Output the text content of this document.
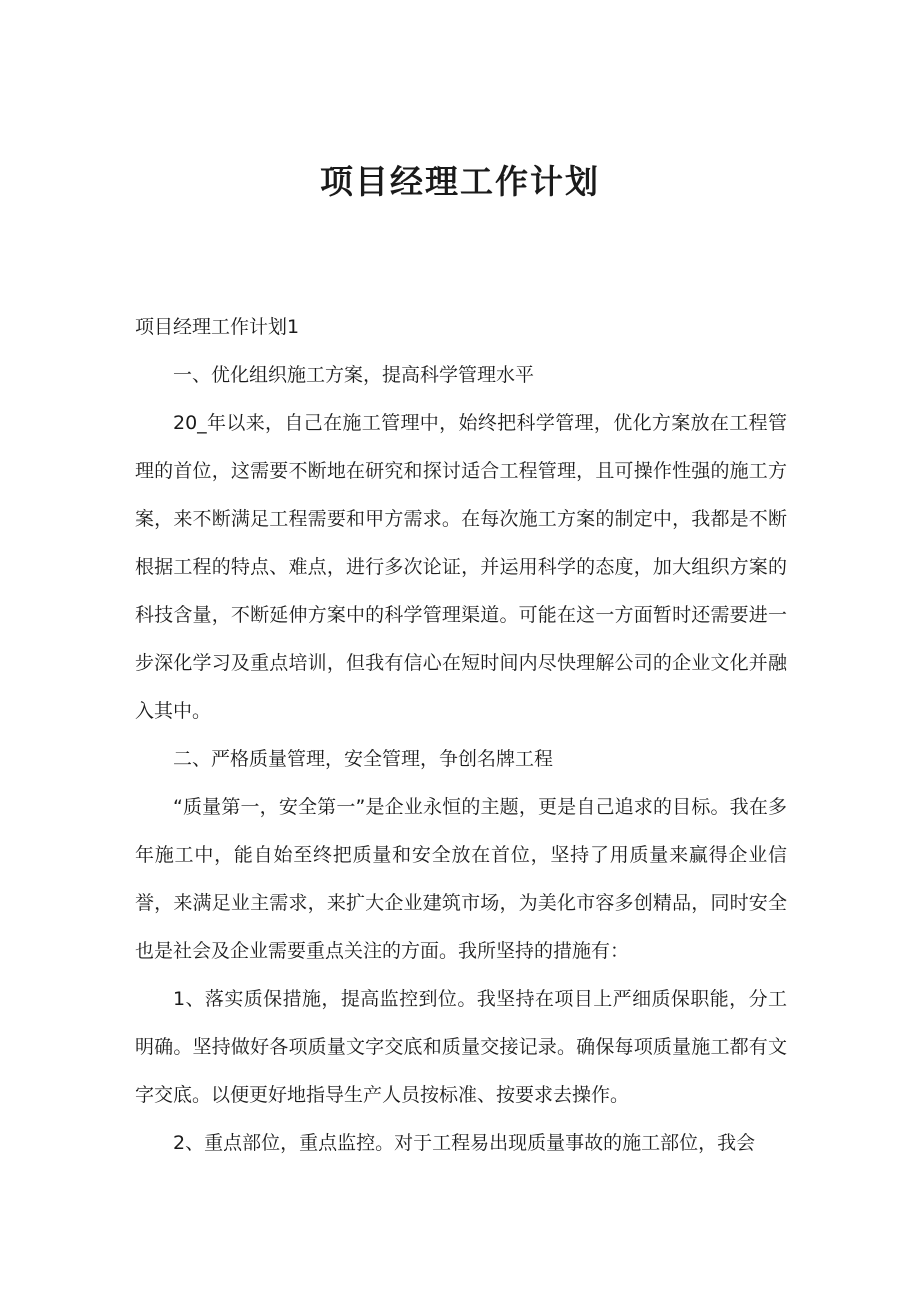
项目经理工作计划

项目经理工作计划1

一、优化组织施工方案，提高科学管理水平

20_年以来，自己在施工管理中，始终把科学管理，优化方案放在工程管理的首位，这需要不断地在研究和探讨适合工程管理，且可操作性强的施工方案，来不断满足工程需要和甲方需求。在每次施工方案的制定中，我都是不断根据工程的特点、难点，进行多次论证，并运用科学的态度，加大组织方案的科技含量，不断延伸方案中的科学管理渠道。可能在这一方面暂时还需要进一步深化学习及重点培训，但我有信心在短时间内尽快理解公司的企业文化并融入其中。

二、严格质量管理，安全管理，争创名牌工程

“质量第一，安全第一”是企业永恒的主题，更是自己追求的目标。我在多年施工中，能自始至终把质量和安全放在首位，坚持了用质量来赢得企业信誉，来满足业主需求，来扩大企业建筑市场，为美化市容多创精品，同时安全也是社会及企业需要重点关注的方面。我所坚持的措施有：

1、落实质保措施，提高监控到位。我坚持在项目上严细质保职能，分工明确。坚持做好各项质量文字交底和质量交接记录。确保每项质量施工都有文字交底。以便更好地指导生产人员按标准、按要求去操作。

2、重点部位，重点监控。对于工程易出现质量事故的施工部位，我会
